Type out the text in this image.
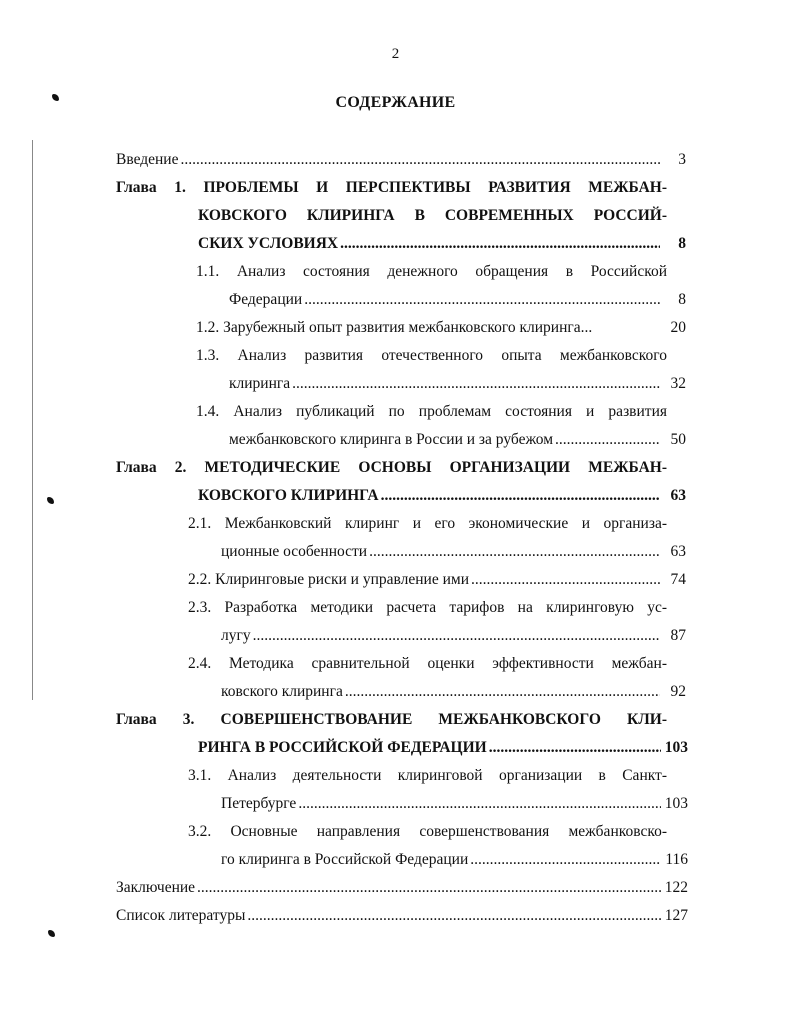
2
СОДЕРЖАНИЕ
Введение .....	3
Глава 1. ПРОБЛЕМЫ И ПЕРСПЕКТИВЫ РАЗВИТИЯ МЕЖБАН-
КОВСКОГО КЛИРИНГА В СОВРЕМЕННЫХ РОССИЙ-
СКИХ УСЛОВИЯХ .....	8
1.1. Анализ состояния денежного обращения в Российской
Федерации .....	8
1.2. Зарубежный опыт развития межбанковского клиринга...	20
1.3. Анализ развития отечественного опыта межбанковского
клиринга .....	32
1.4. Анализ публикаций по проблемам состояния и развития
межбанковского клиринга в России и за рубежом .....	50
Глава 2. МЕТОДИЧЕСКИЕ ОСНОВЫ ОРГАНИЗАЦИИ МЕЖБАН-
КОВСКОГО КЛИРИНГА .....	63
2.1. Межбанковский клиринг и его экономические и организа-
ционные особенности .....	63
2.2. Клиринговые риски и управление ими .....	74
2.3. Разработка методики расчета тарифов на клиринговую ус-
лугу .....	87
2.4. Методика сравнительной оценки эффективности межбан-
ковского клиринга .....	92
Глава 3. СОВЕРШЕНСТВОВАНИЕ МЕЖБАНКОВСКОГО КЛИ-
РИНГА В РОССИЙСКОЙ ФЕДЕРАЦИИ .....	103
3.1. Анализ деятельности клиринговой организации в Санкт-
Петербурге .....	103
3.2. Основные направления совершенствования межбанковско-
го клиринга в Российской Федерации .....	116
Заключение .....	122
Список литературы .....	127
